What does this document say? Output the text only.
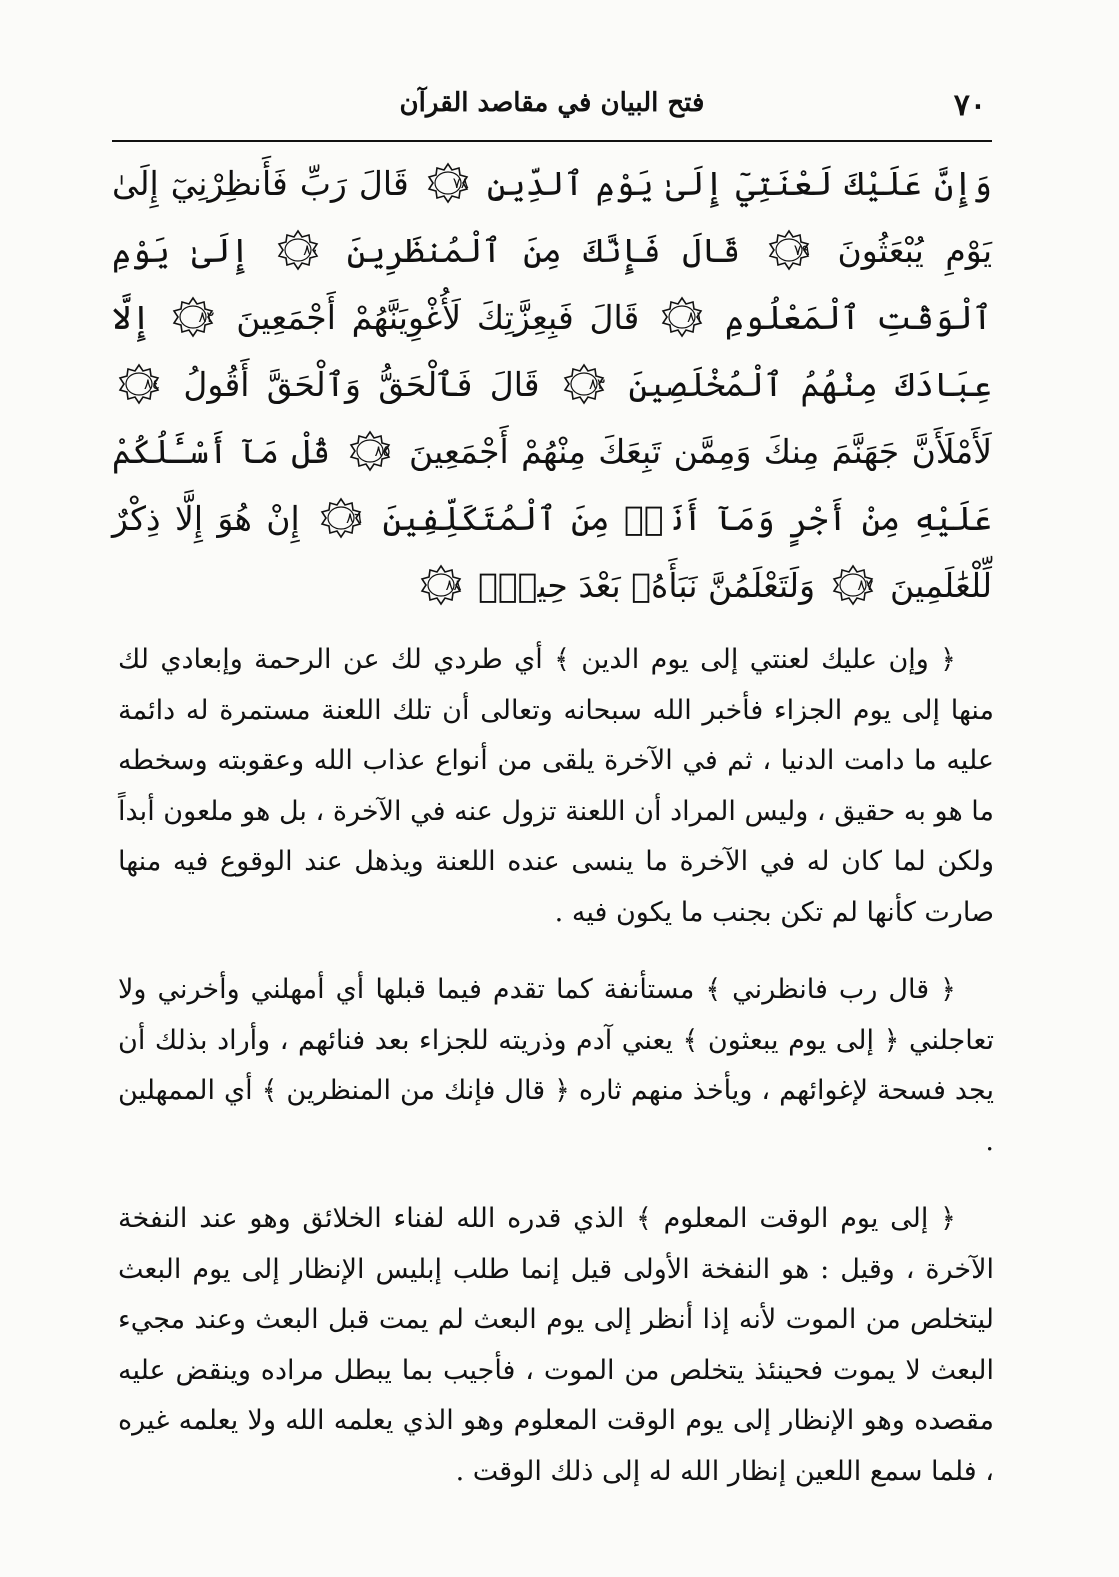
٧٠
فتح البيان في مقاصد القرآن
وَإِنَّ عَلَيْكَ لَعْنَتِيٓ إِلَىٰ يَوْمِ ٱلدِّينِ
٧٨
قَالَ رَبِّ فَأَنظِرْنِيٓ إِلَىٰ يَوْمِ يُبْعَثُونَ
٧٩
قَالَ فَإِنَّكَ مِنَ ٱلْمُنظَرِينَ
٨٠
إِلَىٰ يَوْمِ ٱلْوَقْتِ ٱلْمَعْلُومِ
٨١
قَالَ فَبِعِزَّتِكَ لَأُغْوِيَنَّهُمْ أَجْمَعِينَ
٨٢
إِلَّا عِبَادَكَ مِنْهُمُ ٱلْمُخْلَصِينَ
٨٣
قَالَ فَٱلْحَقُّ وَٱلْحَقَّ أَقُولُ
٨٤
لَأَمْلَأَنَّ جَهَنَّمَ مِنكَ وَمِمَّن تَبِعَكَ مِنْهُمْ أَجْمَعِينَ
٨٥
قُلْ مَآ أَسْـَٔلُكُمْ عَلَيْهِ مِنْ أَجْرٍ وَمَآ أَنَا۠ مِنَ ٱلْمُتَكَلِّفِينَ
٨٦
إِنْ هُوَ إِلَّا ذِكْرٌ لِّلْعَٰلَمِينَ
٨٧
وَلَتَعْلَمُنَّ نَبَأَهُۥ بَعْدَ حِينٍۭ
٨٨

﴿ وإن عليك لعنتي إلى يوم الدين ﴾ أي طردي لك عن الرحمة وإبعادي لك منها إلى يوم الجزاء فأخبر الله سبحانه وتعالى أن تلك اللعنة مستمرة له دائمة عليه ما دامت الدنيا ، ثم في الآخرة يلقى من أنواع عذاب الله وعقوبته وسخطه ما هو به حقيق ، وليس المراد أن اللعنة تزول عنه في الآخرة ، بل هو ملعون أبداً ولكن لما كان له في الآخرة ما ينسى عنده اللعنة ويذهل عند الوقوع فيه منها صارت كأنها لم تكن بجنب ما يكون فيه .

﴿ قال رب فانظرني ﴾ مستأنفة كما تقدم فيما قبلها أي أمهلني وأخرني ولا تعاجلني ﴿ إلى يوم يبعثون ﴾ يعني آدم وذريته للجزاء بعد فنائهم ، وأراد بذلك أن يجد فسحة لإغوائهم ، ويأخذ منهم ثاره ﴿ قال فإنك من المنظرين ﴾ أي الممهلين .

﴿ إلى يوم الوقت المعلوم ﴾ الذي قدره الله لفناء الخلائق وهو عند النفخة الآخرة ، وقيل : هو النفخة الأولى قيل إنما طلب إبليس الإنظار إلى يوم البعث ليتخلص من الموت لأنه إذا أنظر إلى يوم البعث لم يمت قبل البعث وعند مجيء البعث لا يموت فحينئذ يتخلص من الموت ، فأجيب بما يبطل مراده وينقض عليه مقصده وهو الإنظار إلى يوم الوقت المعلوم وهو الذي يعلمه الله ولا يعلمه غيره ، فلما سمع اللعين إنظار الله له إلى ذلك الوقت .
